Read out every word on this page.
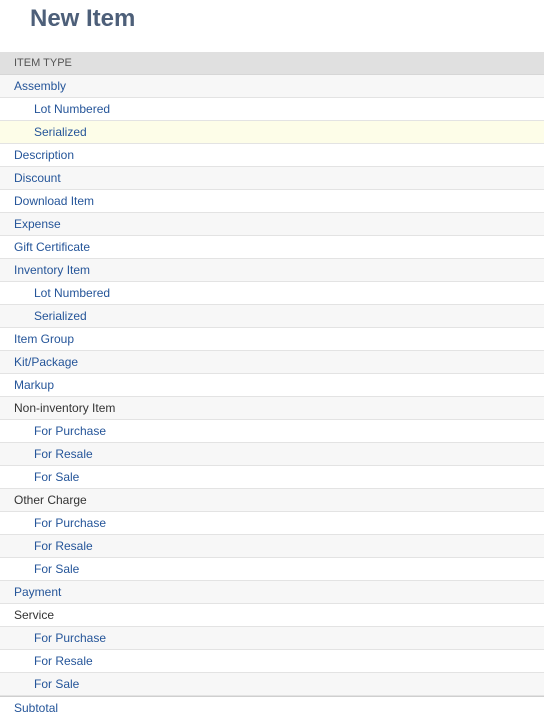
New Item
ITEM TYPE
Assembly
Lot Numbered
Serialized
Description
Discount
Download Item
Expense
Gift Certificate
Inventory Item
Lot Numbered
Serialized
Item Group
Kit/Package
Markup
Non-inventory Item
For Purchase
For Resale
For Sale
Other Charge
For Purchase
For Resale
For Sale
Payment
Service
For Purchase
For Resale
For Sale
Subtotal
